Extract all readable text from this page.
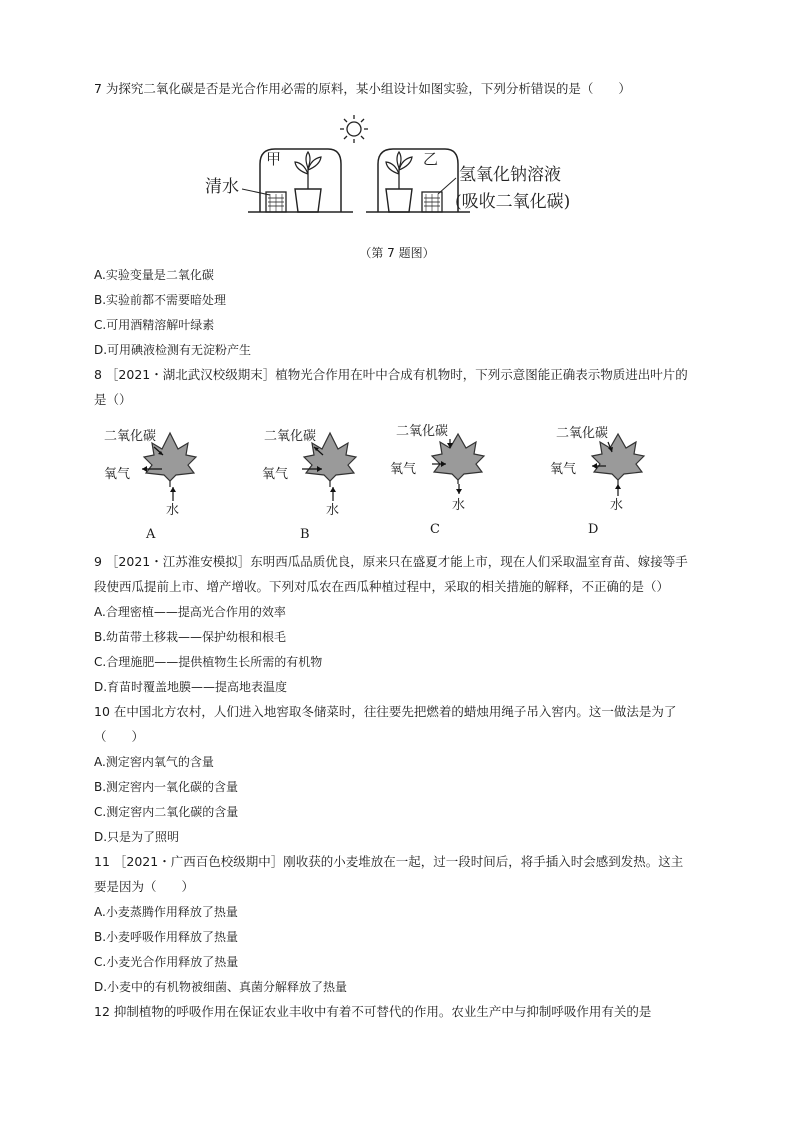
7 为探究二氧化碳是否是光合作用必需的原料，某小组设计如图实验，下列分析错误的是（　　）
甲	乙
清水
氢氧化钠溶液
(吸收二氧化碳)
（第 7 题图）
A.实验变量是二氧化碳
B.实验前都不需要暗处理
C.可用酒精溶解叶绿素
D.可用碘液检测有无淀粉产生
8 ［2021・湖北武汉校级期末］植物光合作用在叶中合成有机物时，下列示意图能正确表示物质进出叶片的
是（）
二氧化碳
氧气
水
A
二氧化碳
氧气
水
B
二氧化碳
氧气
水
C
二氧化碳
氧气
水
D
9 ［2021・江苏淮安模拟］东明西瓜品质优良，原来只在盛夏才能上市，现在人们采取温室育苗、嫁接等手
段使西瓜提前上市、增产增收。下列对瓜农在西瓜种植过程中，采取的相关措施的解释，不正确的是（）
A.合理密植——提高光合作用的效率
B.幼苗带土移栽——保护幼根和根毛
C.合理施肥——提供植物生长所需的有机物
D.育苗时覆盖地膜——提高地表温度
10 在中国北方农村，人们进入地窖取冬储菜时，往往要先把燃着的蜡烛用绳子吊入窖内。这一做法是为了
（　　）
A.测定窖内氧气的含量
B.测定窖内一氧化碳的含量
C.测定窖内二氧化碳的含量
D.只是为了照明
11 ［2021・广西百色校级期中］刚收获的小麦堆放在一起，过一段时间后，将手插入时会感到发热。这主
要是因为（　　）
A.小麦蒸腾作用释放了热量
B.小麦呼吸作用释放了热量
C.小麦光合作用释放了热量
D.小麦中的有机物被细菌、真菌分解释放了热量
12 抑制植物的呼吸作用在保证农业丰收中有着不可替代的作用。农业生产中与抑制呼吸作用有关的是
